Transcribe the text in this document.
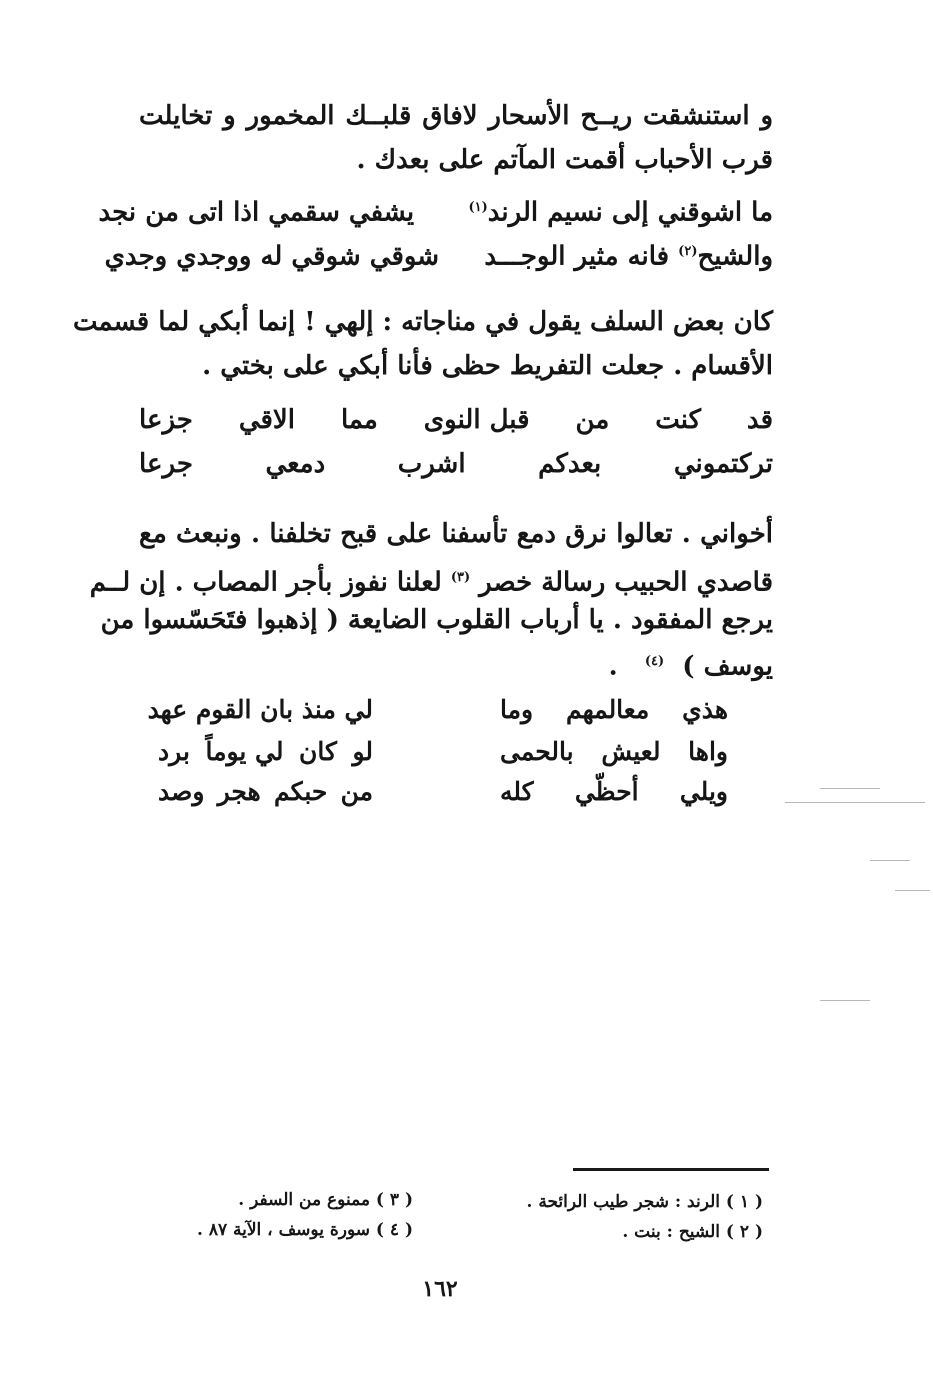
و استنشقت ريــح الأسحار لافاق قلبــك المخمور و تخايلت
قرب الأحباب أقمت المآتم على بعدك .
ما اشوقني إلى نسيم الرند$^{(١)}$      يشفي سقمي اذا اتى من نجد
والشيح$^{(٢)}$ فانه مثير الوجـــد     شوقي شوقي له ووجدي وجدي
كان بعض السلف يقول في مناجاته : إلهي ! إنما أبكي لما قسمت
الأقسام . جعلت التفريط حظى فأنا أبكي على بختي .
قد
كنت
من
قبل النوى
مما
الاقي
جزعا
تركتموني
بعدكم
اشرب
دمعي
جرعا
أخواني . تعالوا نرق دمع تأسفنا على قبح تخلفنا . ونبعث مع
قاصدي الحبيب رسالة خصر $^{(٣)}$ لعلنا نفوز بأجر المصاب . إن لــم
يرجع المفقود . يا أرباب القلوب الضايعة ( إذهبوا فتَحَسّسوا من
يوسف )  $^{(٤)}$   .
هذي
معالمهم
وما
لي منذ بان القوم عهد
واها
لعيش
بالحمى
لو
كان
لي يوماً
برد
ويلي
أحظّي
كله
من
حبكم
هجر
وصد
( ١ ) الرند : شجر طيب الرائحة .
( ٢ ) الشيح : بنت .
( ٣ ) ممنوع من السفر .
( ٤ ) سورة يوسف ، الآية ٨٧ .
١٦٢
